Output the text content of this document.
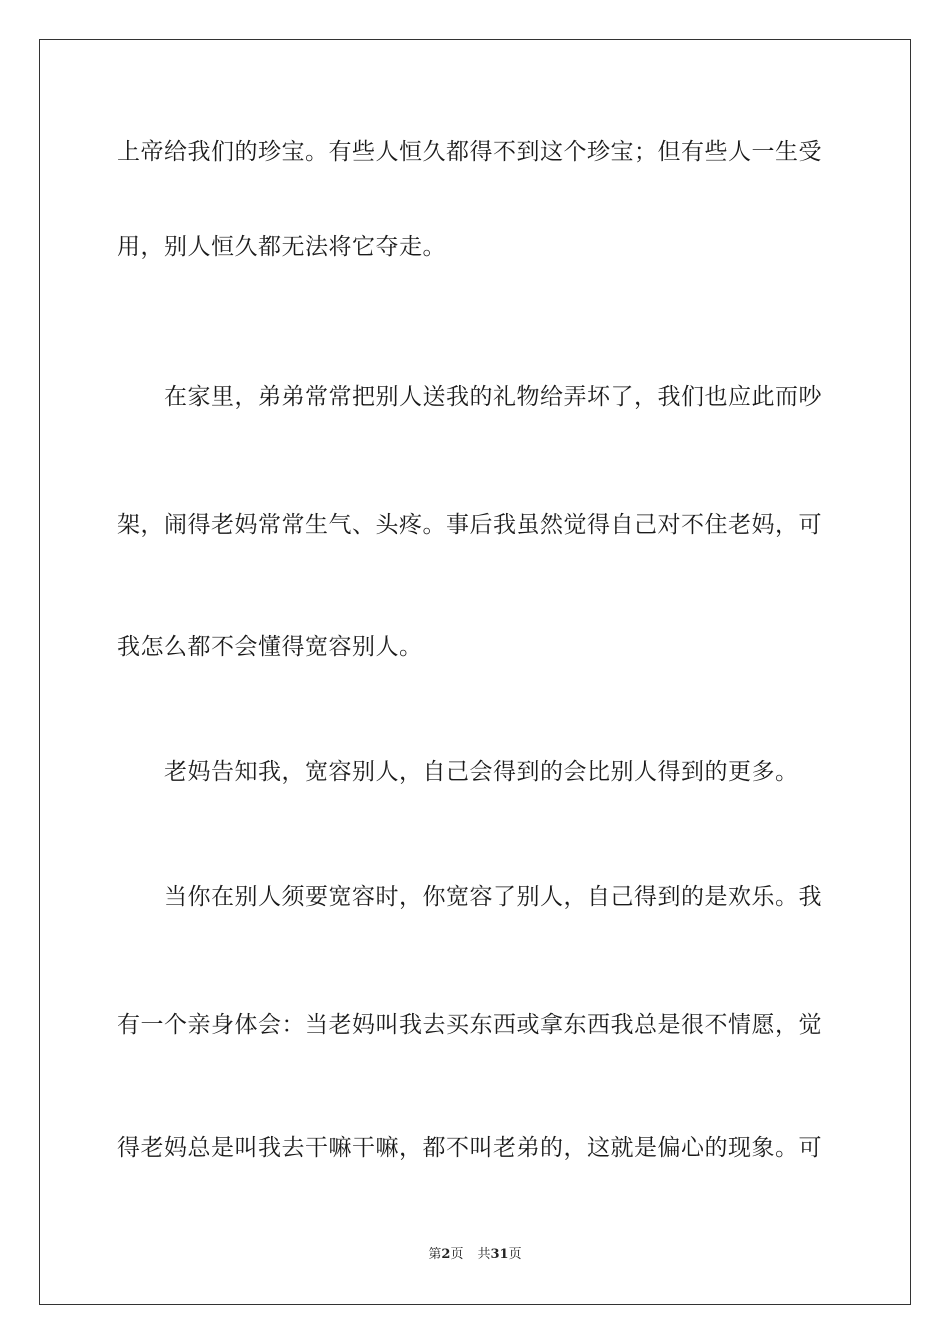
上帝给我们的珍宝。有些人恒久都得不到这个珍宝；但有些人一生受
用，别人恒久都无法将它夺走。
在家里，弟弟常常把别人送我的礼物给弄坏了，我们也应此而吵
架，闹得老妈常常生气、头疼。事后我虽然觉得自己对不住老妈，可
我怎么都不会懂得宽容别人。
老妈告知我，宽容别人，自己会得到的会比别人得到的更多。
当你在别人须要宽容时，你宽容了别人，自己得到的是欢乐。我
有一个亲身体会：当老妈叫我去买东西或拿东西我总是很不情愿，觉
得老妈总是叫我去干嘛干嘛，都不叫老弟的，这就是偏心的现象。可
第2页 共31页
